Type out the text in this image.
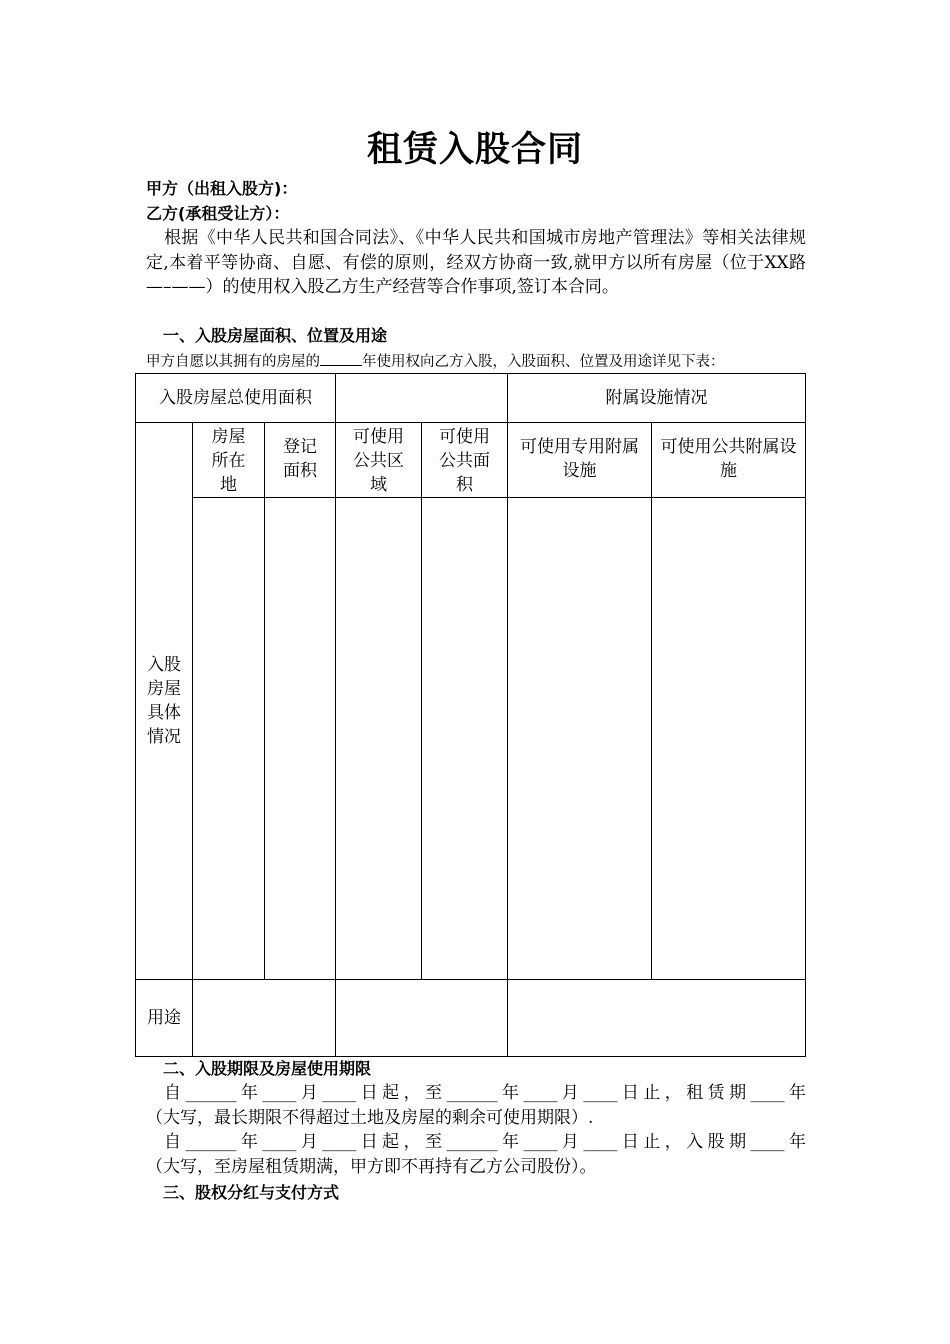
租赁入股合同
甲方（出租入股方)：
乙方(承租受让方）：
根据《中华人民共和国合同法》、《中华人民共和国城市房地产管理法》等相关法律规定,本着平等协商、自愿、有偿的原则，经双方协商一致,就甲方以所有房屋（位于XX路—–——）的使用权入股乙方生产经营等合作事项,签订本合同。
一、入股房屋面积、位置及用途
甲方自愿以其拥有的房屋的	年使用权向乙方入股，入股面积、位置及用途详见下表：
入股房屋总使用面积					附属设施情况	

入股房屋具体情况	房屋所在地	登记面积	可使用公共区域	可使用公共面积	可使用专用附属设施	可使用公共附属设施

用途						
二、入股期限及房屋使用期限
自______年____月____日起，至______年____月____日止，租赁期____年
（大写，最长期限不得超过土地及房屋的剩余可使用期限）.
自______年____月____日起，至______年____月____日止，入股期____年
（大写，至房屋租赁期满，甲方即不再持有乙方公司股份）。
三、股权分红与支付方式
